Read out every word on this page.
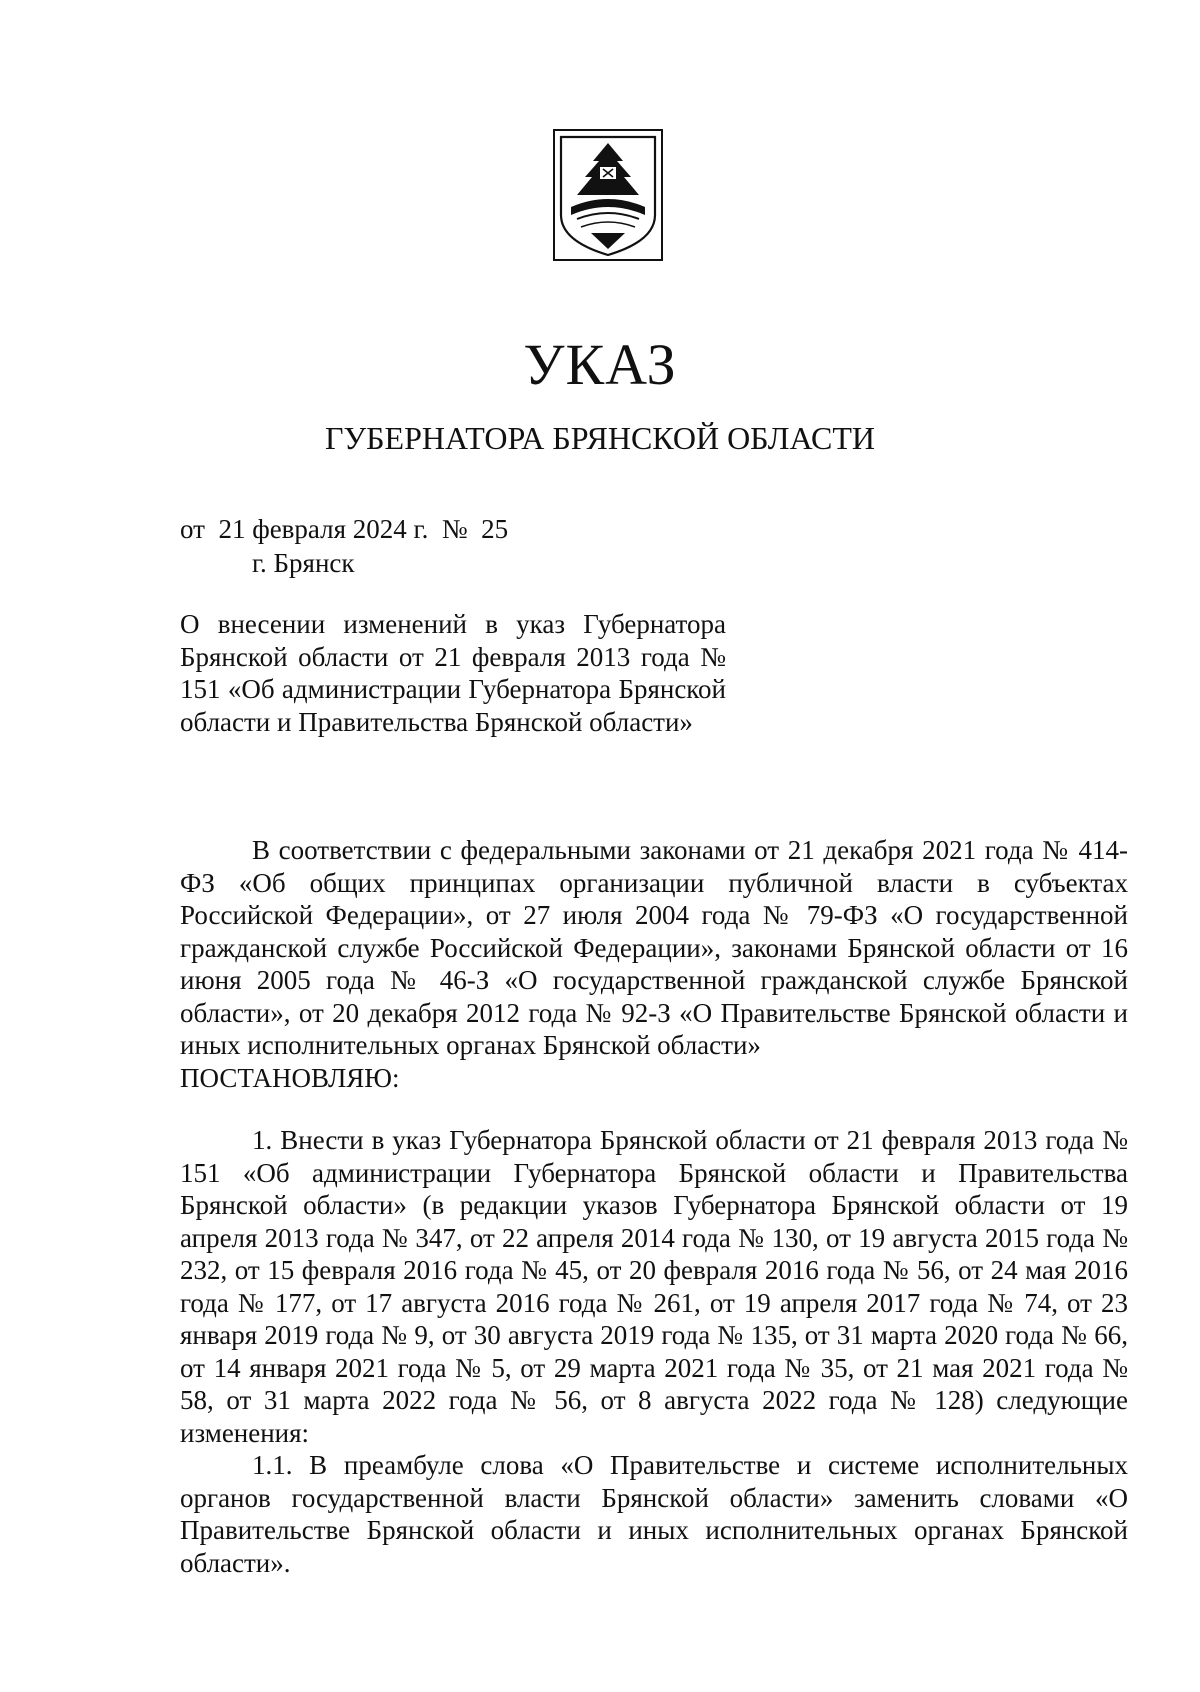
УКАЗ
ГУБЕРНАТОРА БРЯНСКОЙ ОБЛАСТИ
от  21 февраля 2024 г.  №  25
г. Брянск
О внесении изменений в указ Губернатора Брянской области от 21 февраля 2013 года № 151 «Об администрации Губернатора Брянской области и Правительства Брянской области»

В соответствии с федеральными законами от 21 декабря 2021 года № 414-ФЗ «Об общих принципах организации публичной власти в субъектах Российской Федерации», от 27 июля 2004 года № 79-ФЗ «О государственной гражданской службе Российской Федерации», законами Брянской области от 16 июня 2005 года № 46-З «О государственной гражданской службе Брянской области», от 20 декабря 2012 года № 92-З «О Правительстве Брянской области и иных исполнительных органах Брянской области»

ПОСТАНОВЛЯЮ:

1. Внести в указ Губернатора Брянской области от 21 февраля 2013 года № 151 «Об администрации Губернатора Брянской области и Правительства Брянской области» (в редакции указов Губернатора Брянской области от 19 апреля 2013 года № 347, от 22 апреля 2014 года № 130, от 19 августа 2015 года № 232, от 15 февраля 2016 года № 45, от 20 февраля 2016 года № 56, от 24 мая 2016 года № 177, от 17 августа 2016 года № 261, от 19 апреля 2017 года № 74, от 23 января 2019 года № 9, от 30 августа 2019 года № 135, от 31 марта 2020 года № 66, от 14 января 2021 года № 5, от 29 марта 2021 года № 35, от 21 мая 2021 года № 58, от 31 марта 2022 года № 56, от 8 августа 2022 года № 128) следующие изменения:

1.1. В преамбуле слова «О Правительстве и системе исполнительных органов государственной власти Брянской области» заменить словами «О Правительстве Брянской области и иных исполнительных органах Брянской области».
